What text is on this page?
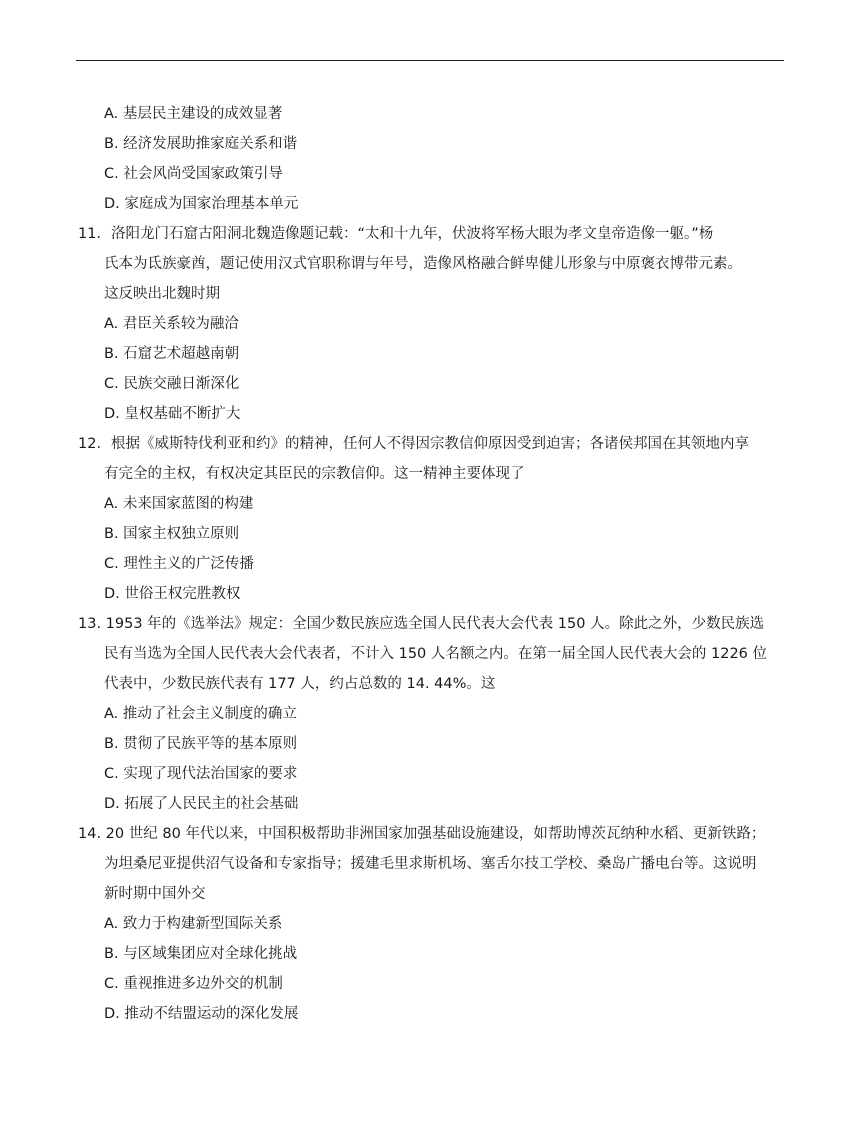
A. 基层民主建设的成效显著
B. 经济发展助推家庭关系和谐
C. 社会风尚受国家政策引导
D. 家庭成为国家治理基本单元
11．洛阳龙门石窟古阳洞北魏造像题记载：“太和十九年，伏波将军杨大眼为孝文皇帝造像一躯。”杨
氏本为氐族豪酋，题记使用汉式官职称谓与年号，造像风格融合鲜卑健儿形象与中原褒衣博带元素。
这反映出北魏时期
A. 君臣关系较为融洽
B. 石窟艺术超越南朝
C. 民族交融日渐深化
D. 皇权基础不断扩大
12．根据《威斯特伐利亚和约》的精神，任何人不得因宗教信仰原因受到迫害；各诸侯邦国在其领地内享
有完全的主权，有权决定其臣民的宗教信仰。这一精神主要体现了
A. 未来国家蓝图的构建
B. 国家主权独立原则
C. 理性主义的广泛传播
D. 世俗王权完胜教权
13. 1953 年的《选举法》规定：全国少数民族应选全国人民代表大会代表 150 人。除此之外，少数民族选
民有当选为全国人民代表大会代表者，不计入 150 人名额之内。在第一届全国人民代表大会的 1226 位
代表中，少数民族代表有 177 人，约占总数的 14. 44%。这
A. 推动了社会主义制度的确立
B. 贯彻了民族平等的基本原则
C. 实现了现代法治国家的要求
D. 拓展了人民民主的社会基础
14. 20 世纪 80 年代以来，中国积极帮助非洲国家加强基础设施建设，如帮助博茨瓦纳种水稻、更新铁路；
为坦桑尼亚提供沼气设备和专家指导；援建毛里求斯机场、塞舌尔技工学校、桑岛广播电台等。这说明
新时期中国外交
A. 致力于构建新型国际关系
B. 与区域集团应对全球化挑战
C. 重视推进多边外交的机制
D. 推动不结盟运动的深化发展
